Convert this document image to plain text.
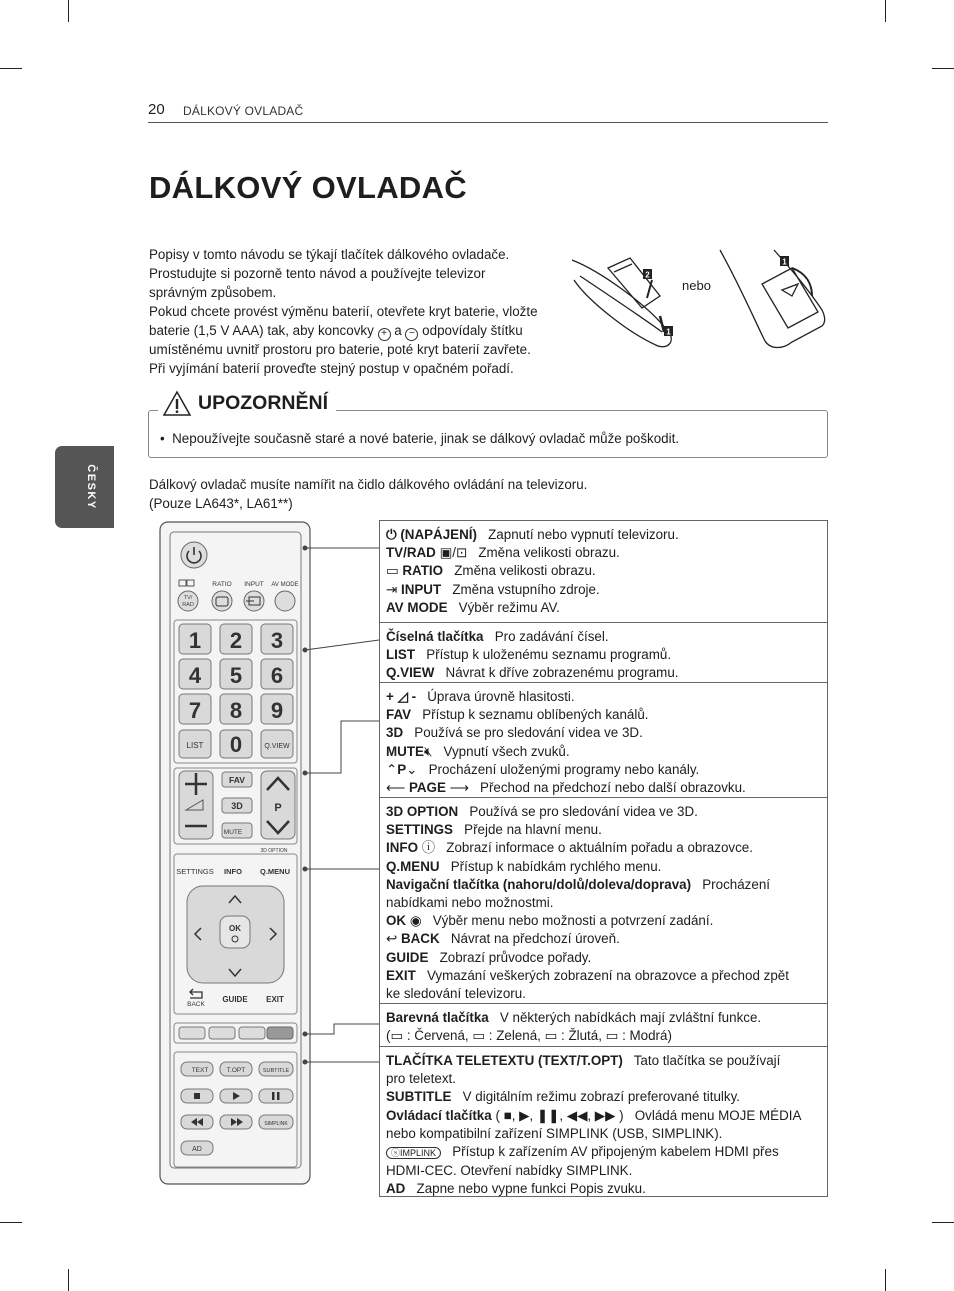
20 DÁLKOVÝ OVLADAČ
DÁLKOVÝ OVLADAČ
ČESKY

Popisy v tomto návodu se týkají tlačítek dálkového ovladače.

Prostudujte si pozorně tento návod a používejte televizor

správným způsobem.

Pokud chcete provést výměnu baterií, otevřete kryt baterie, vložte

baterie (1,5 V AAA) tak, aby koncovky + a − odpovídaly štítku

umístěnému uvnitř prostoru pro baterie, poté kryt baterií zavřete.

Při vyjímání baterií proveďte stejný postup v opačném pořadí.

2
1
1
nebo
UPOZORNĚNÍ
•  Nepoužívejte současně staré a nové baterie, jinak se dálkový ovladač může poškodit.

Dálkový ovladač musíte namířit na čidlo dálkového ovládání na televizoru.

(Pouze LA643*, LA61**)

RATIO INPUT AV MODE
TV/
RAD
1 2 3
4 5 6
7 8 9
LIST 0	Q.VIEW
FAV
3D
MUTE
P
3D OPTION
SETTINGS INFO Q.MENU
OK
BACK
GUIDE EXIT
TEXT	T.OPT	SUBTITLE
SIMPLINK
AD

⏻ (NAPÁJENÍ) Zapnutí nebo vypnutí televizoru.

TV/RAD ▣/⊡ Změna velikosti obrazu.

▭ RATIO Změna velikosti obrazu.

⇥ INPUT Změna vstupního zdroje.

AV MODE Výběr režimu AV.

Číselná tlačítka Pro zadávání čísel.

LIST Přístup k uloženému seznamu programů.

Q.VIEW Návrat k dříve zobrazenému programu.

+ ◿ - Úprava úrovně hlasitosti.

FAV Přístup k seznamu oblíbených kanálů.

3D Používá se pro sledování videa ve 3D.

MUTE🔇︎ Vypnutí všech zvuků.

⌃P⌄ Procházení uloženými programy nebo kanály.

⟵ PAGE ⟶ Přechod na předchozí nebo další obrazovku.

3D OPTION Používá se pro sledování videa ve 3D.

SETTINGS Přejde na hlavní menu.

INFO ⓘ Zobrazí informace o aktuálním pořadu a obrazovce.

Q.MENU Přístup k nabídkám rychlého menu.

Navigační tlačítka (nahoru/dolů/doleva/doprava) Procházení

nabídkami nebo možnostmi.

OK ◉ Výběr menu nebo možnosti a potvrzení zadání.

↩ BACK Návrat na předchozí úroveň.

GUIDE Zobrazí průvodce pořady.

EXIT Vymazání veškerých zobrazení na obrazovce a přechod zpět

ke sledování televizoru.

Barevná tlačítka V některých nabídkách mají zvláštní funkce.

(▭ : Červená, ▭ : Zelená, ▭ : Žlutá, ▭ : Modrá)

TLAČÍTKA TELETEXTU (TEXT/T.OPT) Tato tlačítka se používají

pro teletext.

SUBTITLE V digitálním režimu zobrazí preferované titulky.

Ovládací tlačítka ( ■, ▶, ❚❚, ◀◀, ▶▶ ) Ovládá menu MOJE MÉDIA

nebo kompatibilní zařízení SIMPLINK (USB, SIMPLINK).

ⓢIMPLINK Přístup k zařízením AV připojeným kabelem HDMI přes

HDMI-CEC. Otevření nabídky SIMPLINK.

AD Zapne nebo vypne funkci Popis zvuku.
